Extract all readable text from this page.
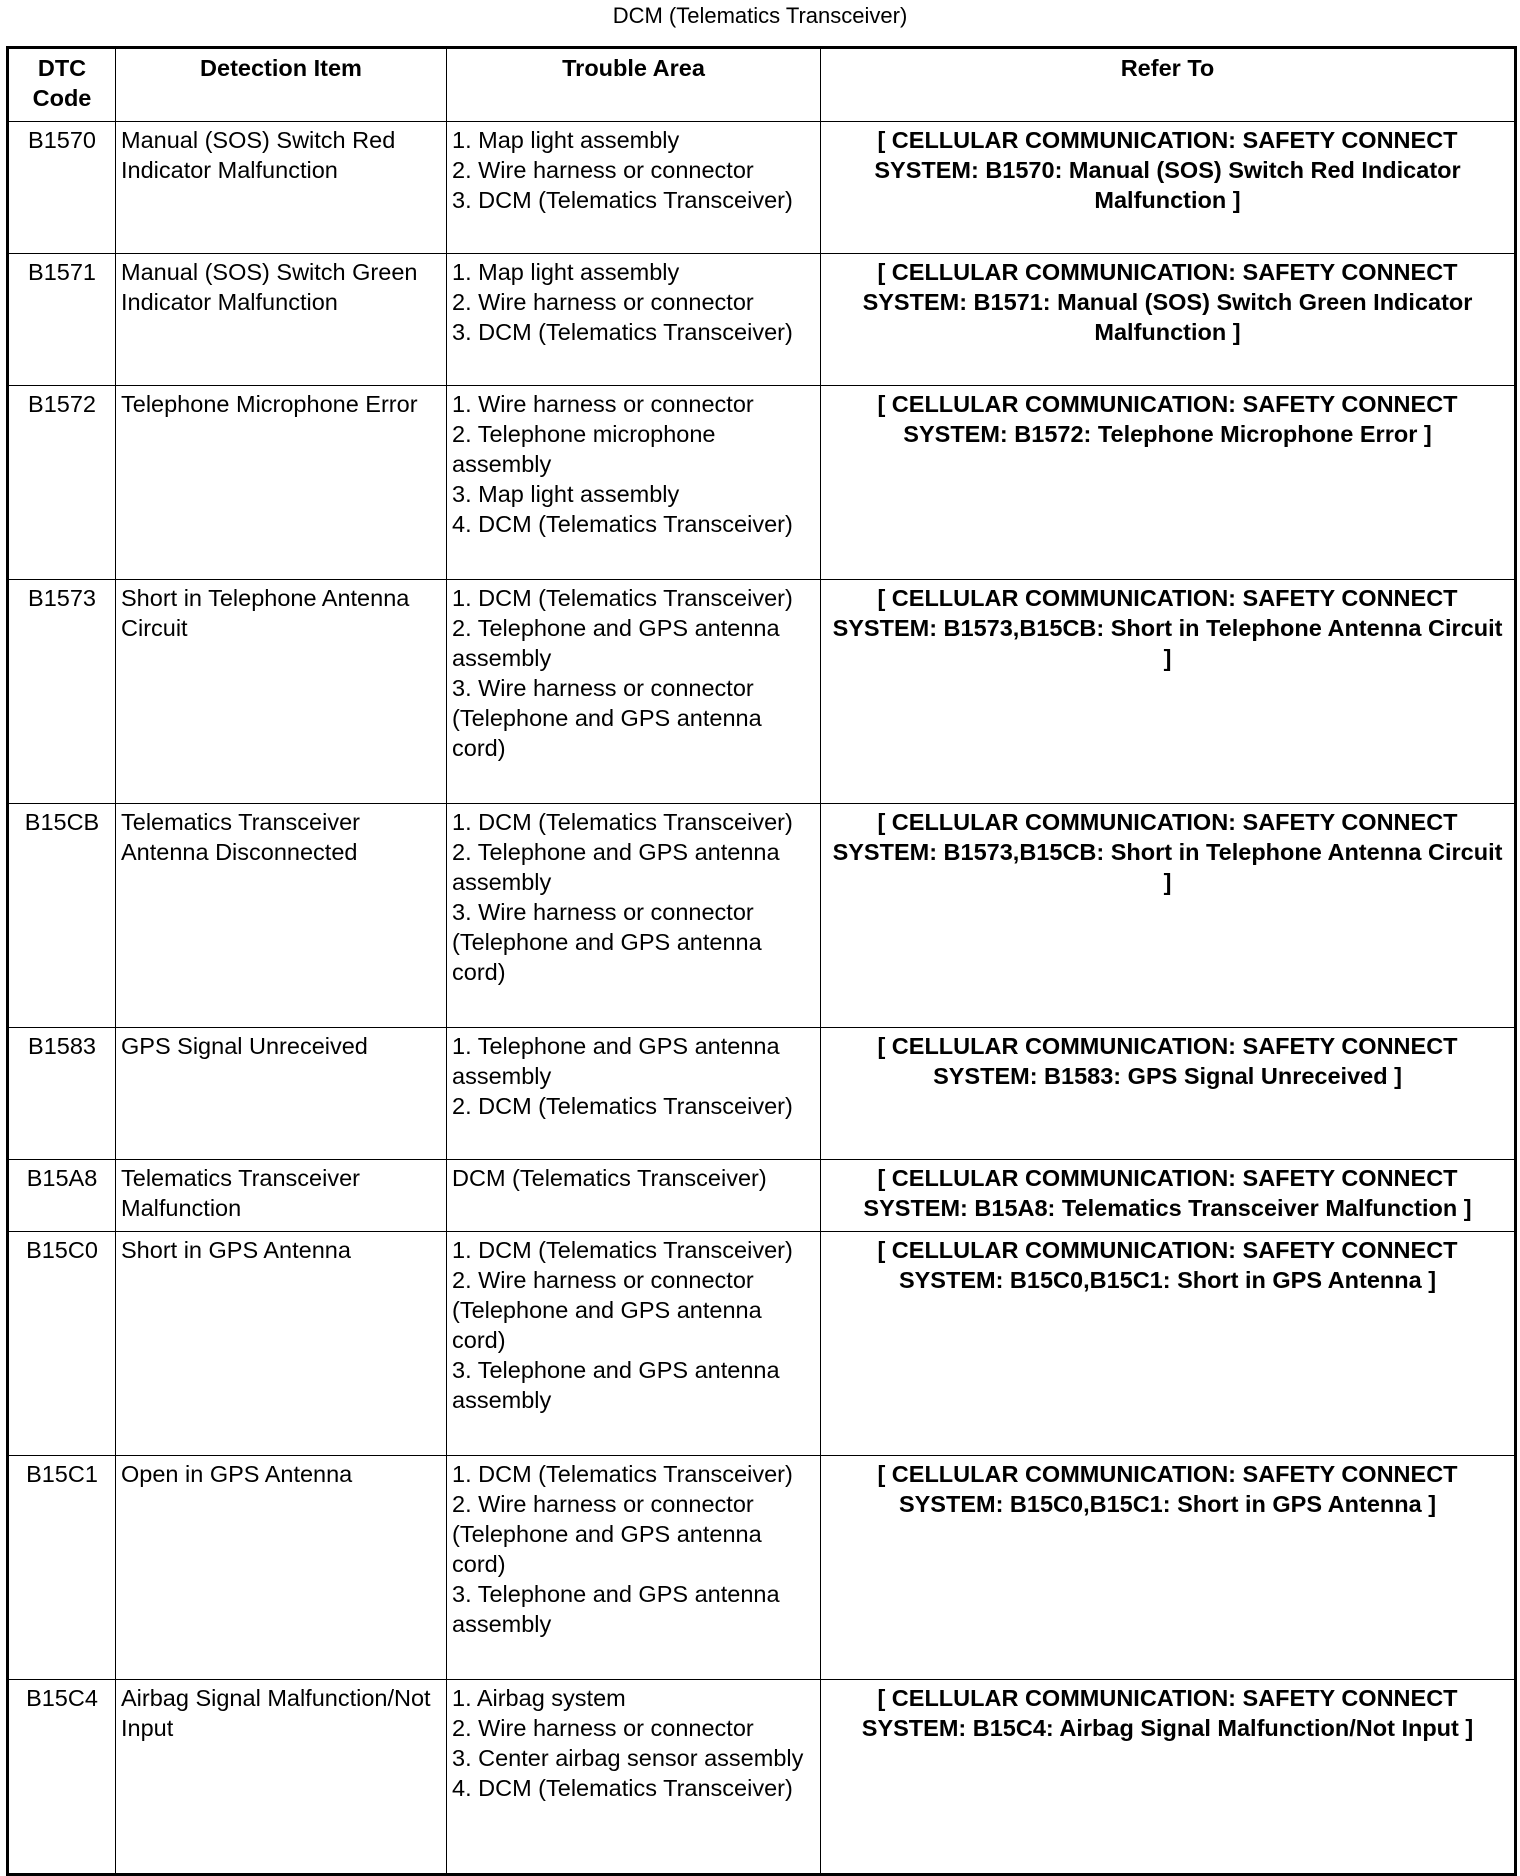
DCM (Telematics Transceiver)
DTC
Code	Detection Item	Trouble Area	Refer To
B1570	Manual (SOS) Switch Red Indicator Malfunction	1. Map light assembly
2. Wire harness or connector
3. DCM (Telematics Transceiver)	[ CELLULAR COMMUNICATION: SAFETY CONNECT SYSTEM: B1570: Manual (SOS) Switch Red Indicator Malfunction ]
B1571	Manual (SOS) Switch Green Indicator Malfunction	1. Map light assembly
2. Wire harness or connector
3. DCM (Telematics Transceiver)	[ CELLULAR COMMUNICATION: SAFETY CONNECT SYSTEM: B1571: Manual (SOS) Switch Green Indicator Malfunction ]
B1572	Telephone Microphone Error	1. Wire harness or connector
2. Telephone microphone assembly
3. Map light assembly
4. DCM (Telematics Transceiver)	[ CELLULAR COMMUNICATION: SAFETY CONNECT SYSTEM: B1572: Telephone Microphone Error ]
B1573	Short in Telephone Antenna Circuit	1. DCM (Telematics Transceiver)
2. Telephone and GPS antenna assembly
3. Wire harness or connector (Telephone and GPS antenna cord)	[ CELLULAR COMMUNICATION: SAFETY CONNECT SYSTEM: B1573,B15CB: Short in Telephone Antenna Circuit ]
B15CB	Telematics Transceiver Antenna Disconnected	1. DCM (Telematics Transceiver)
2. Telephone and GPS antenna assembly
3. Wire harness or connector (Telephone and GPS antenna cord)	[ CELLULAR COMMUNICATION: SAFETY CONNECT SYSTEM: B1573,B15CB: Short in Telephone Antenna Circuit ]
B1583	GPS Signal Unreceived	1. Telephone and GPS antenna assembly
2. DCM (Telematics Transceiver)	[ CELLULAR COMMUNICATION: SAFETY CONNECT SYSTEM: B1583: GPS Signal Unreceived ]
B15A8	Telematics Transceiver Malfunction	DCM (Telematics Transceiver)	[ CELLULAR COMMUNICATION: SAFETY CONNECT SYSTEM: B15A8: Telematics Transceiver Malfunction ]
B15C0	Short in GPS Antenna	1. DCM (Telematics Transceiver)
2. Wire harness or connector (Telephone and GPS antenna cord)
3. Telephone and GPS antenna assembly	[ CELLULAR COMMUNICATION: SAFETY CONNECT SYSTEM: B15C0,B15C1: Short in GPS Antenna ]
B15C1	Open in GPS Antenna	1. DCM (Telematics Transceiver)
2. Wire harness or connector (Telephone and GPS antenna cord)
3. Telephone and GPS antenna assembly	[ CELLULAR COMMUNICATION: SAFETY CONNECT SYSTEM: B15C0,B15C1: Short in GPS Antenna ]
B15C4	Airbag Signal Malfunction/Not Input	1. Airbag system
2. Wire harness or connector
3. Center airbag sensor assembly
4. DCM (Telematics Transceiver)	[ CELLULAR COMMUNICATION: SAFETY CONNECT SYSTEM: B15C4: Airbag Signal Malfunction/Not Input ]
